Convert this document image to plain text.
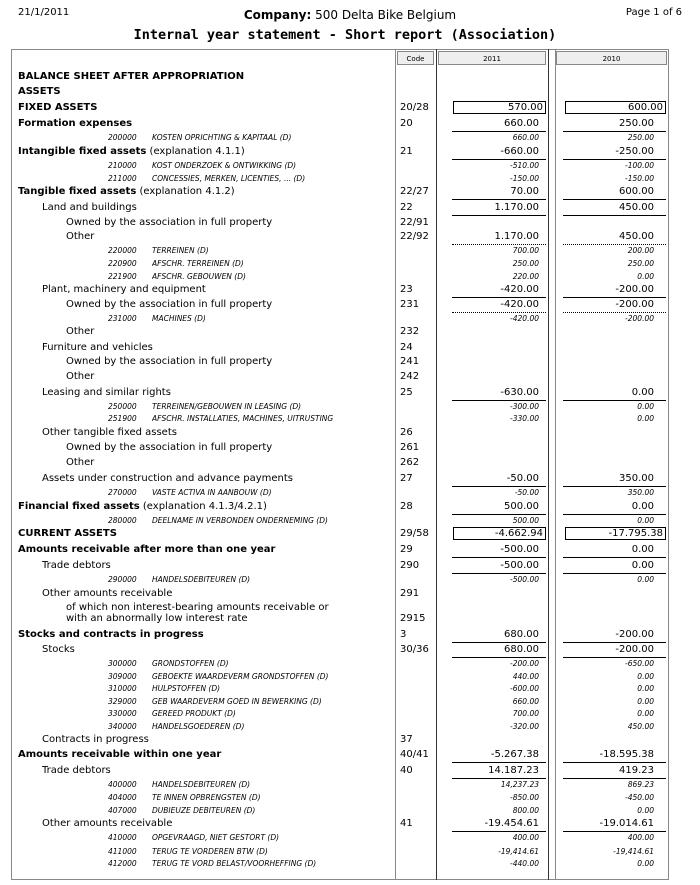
21/1/2011	Company: 500 Delta Bike Belgium	Page 1 of 6
Internal year statement - Short report (Association)
Code	2011	2010
BALANCE SHEET AFTER APPROPRIATION
ASSETS
FIXED ASSETS	20/28	570.00	600.00
Formation expenses	20	660.00	250.00
200000 KOSTEN OPRICHTING & KAPITAAL (D)	660.00	250.00
Intangible fixed assets (explanation 4.1.1)	21	-660.00	-250.00
210000 KOST ONDERZOEK & ONTWIKKING (D)	-510.00	-100.00
211000 CONCESSIES, MERKEN, LICENTIES, ... (D)	-150.00	-150.00
Tangible fixed assets (explanation 4.1.2)	22/27	70.00	600.00
Land and buildings	22	1.170.00	450.00
Owned by the association in full property	22/91
Other	22/92	1.170.00	450.00
220000 TERREINEN (D)	700.00	200.00
220900 AFSCHR. TERREINEN (D)	250.00	250.00
221900 AFSCHR. GEBOUWEN (D)	220.00	0.00
Plant, machinery and equipment	23	-420.00	-200.00
Owned by the association in full property	231	-420.00	-200.00
231000 MACHINES (D)	-420.00	-200.00
Other	232
Furniture and vehicles	24
Owned by the association in full property	241
Other	242
Leasing and similar rights	25	-630.00	0.00
250000 TERREINEN/GEBOUWEN IN LEASING (D)	-300.00	0.00
251900 AFSCHR. INSTALLATIES, MACHINES, UITRUSTING	-330.00	0.00
Other tangible fixed assets	26
Owned by the association in full property	261
Other	262
Assets under construction and advance payments	27	-50.00	350.00
270000 VASTE ACTIVA IN AANBOUW (D)	-50.00	350.00
Financial fixed assets (explanation 4.1.3/4.2.1)	28	500.00	0.00
280000 DEELNAME IN VERBONDEN ONDERNEMING (D)	500.00	0.00
CURRENT ASSETS	29/58	-4.662.94	-17.795.38
Amounts receivable after more than one year	29	-500.00	0.00
Trade debtors	290	-500.00	0.00
290000 HANDELSDEBITEUREN (D)	-500.00	0.00
Other amounts receivable	291
of which non interest-bearing amounts receivable or
with an abnormally low interest rate	2915
Stocks and contracts in progress	3	680.00	-200.00
Stocks	30/36	680.00	-200.00
300000 GRONDSTOFFEN (D)	-200.00	-650.00
309000 GEBOEKTE WAARDEVERM GRONDSTOFFEN (D)	440.00	0.00
310000 HULPSTOFFEN (D)	-600.00	0.00
329000 GEB WAARDEVERM GOED IN BEWERKING (D)	660.00	0.00
330000 GEREED PRODUKT (D)	700.00	0.00
340000 HANDELSGOEDEREN (D)	-320.00	450.00
Contracts in progress	37
Amounts receivable within one year	40/41	-5.267.38	-18.595.38
Trade debtors	40	14.187.23	419.23
400000 HANDELSDEBITEUREN (D)	14,237.23	869.23
404000 TE INNEN OPBRENGSTEN (D)	-850.00	-450.00
407000 DUBIEUZE DEBITEUREN (D)	800.00	0.00
Other amounts receivable	41	-19.454.61	-19.014.61
410000 OPGEVRAAGD, NIET GESTORT (D)	400.00	400.00
411000 TERUG TE VORDEREN BTW (D)	-19,414.61	-19,414.61
412000 TERUG TE VORD BELAST/VOORHEFFING (D)	-440.00	0.00
